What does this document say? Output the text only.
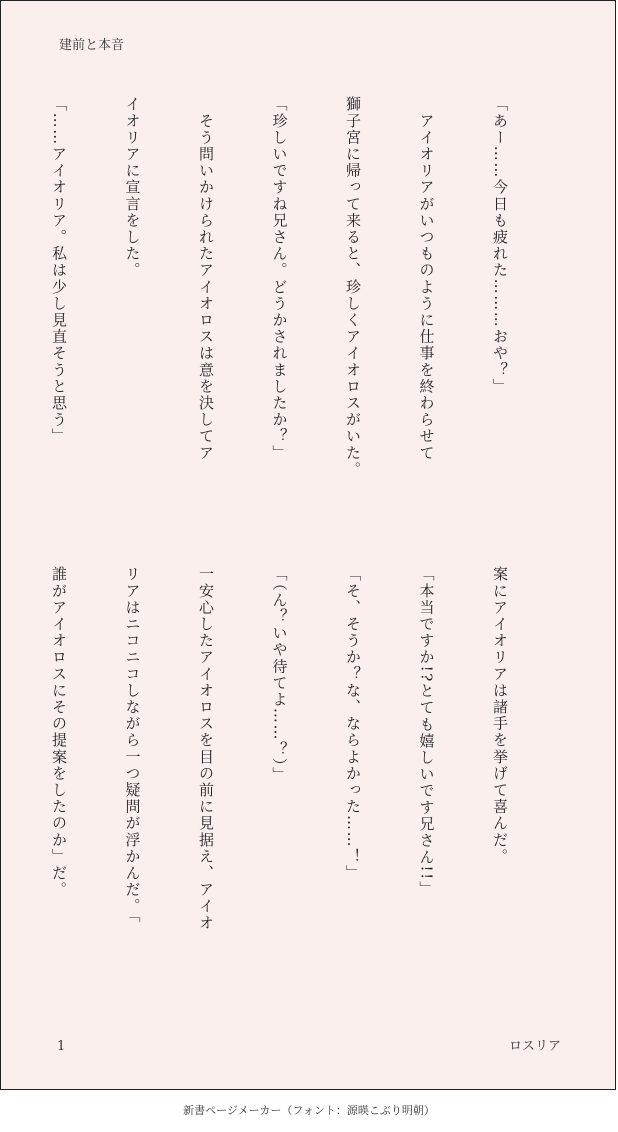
建前と本音

「あー……今日も疲れた………おや？」

　アイオリアがいつものように仕事を終わらせて

獅子宮に帰って来ると、珍しくアイオロスがいた。

「珍しいですね兄さん。どうかされましたか？」

　そう問いかけられたアイオロスは意を決してア

イオリアに宣言をした。

「……アイオリア。私は少し見直そうと思う」

案にアイオリアは諸手を挙げて喜んだ。

「本当ですか!?とても嬉しいです兄さん!!」

「そ、そうか？な、ならよかった……！」

「（ん？いや待てよ……？）」

一安心したアイオロスを目の前に見据え、アイオ

リアはニコニコしながら一つ疑問が浮かんだ。「

誰がアイオロスにその提案をしたのか」だ。

1	ロスリア
新書ページメーカー（フォント：源暎こぶり明朝）
